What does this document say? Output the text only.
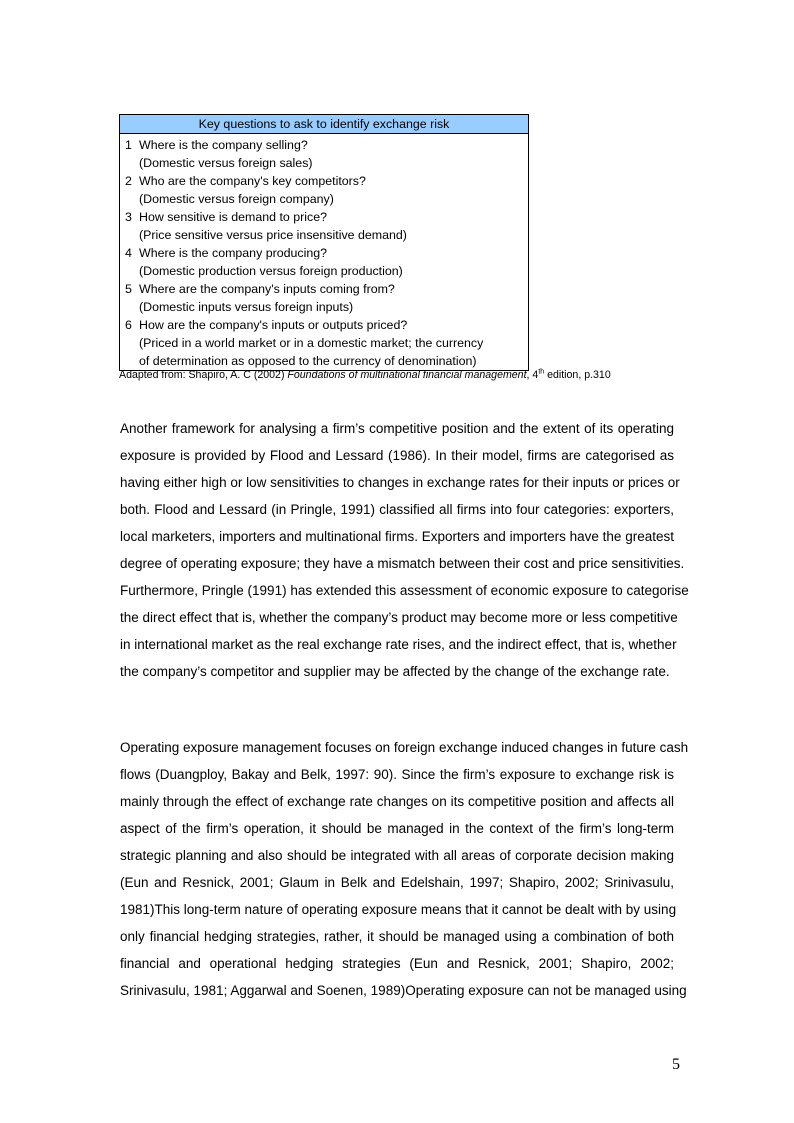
Key questions to ask to identify exchange risk
1 Where is the company selling?
(Domestic versus foreign sales)
2 Who are the company's key competitors?
(Domestic versus foreign company)
3 How sensitive is demand to price?
(Price sensitive versus price insensitive demand)
4 Where is the company producing?
(Domestic production versus foreign production)
5 Where are the company's inputs coming from?
(Domestic inputs versus foreign inputs)
6 How are the company's inputs or outputs priced?
(Priced in a world market or in a domestic market; the currency
of determination as opposed to the currency of denomination)
Adapted from: Shapiro, A. C (2002) Foundations of multinational financial management, 4th edition, p.310
Another framework for analysing a firm’s competitive position and the extent of its operating
exposure is provided by Flood and Lessard (1986). In their model, firms are categorised as
having either high or low sensitivities to changes in exchange rates for their inputs or prices or
both. Flood and Lessard (in Pringle, 1991) classified all firms into four categories: exporters,
local marketers, importers and multinational firms. Exporters and importers have the greatest
degree of operating exposure; they have a mismatch between their cost and price sensitivities.
Furthermore, Pringle (1991) has extended this assessment of economic exposure to categorise
the direct effect that is, whether the company’s product may become more or less competitive
in international market as the real exchange rate rises, and the indirect effect, that is, whether
the company’s competitor and supplier may be affected by the change of the exchange rate.
Operating exposure management focuses on foreign exchange induced changes in future cash
flows (Duangploy, Bakay and Belk, 1997: 90). Since the firm’s exposure to exchange risk is
mainly through the effect of exchange rate changes on its competitive position and affects all
aspect of the firm’s operation, it should be managed in the context of the firm’s long-term
strategic planning and also should be integrated with all areas of corporate decision making
(Eun and Resnick, 2001; Glaum in Belk and Edelshain, 1997; Shapiro, 2002; Srinivasulu,
1981)This long-term nature of operating exposure means that it cannot be dealt with by using
only financial hedging strategies, rather, it should be managed using a combination of both
financial and operational hedging strategies (Eun and Resnick, 2001; Shapiro, 2002;
Srinivasulu, 1981; Aggarwal and Soenen, 1989)Operating exposure can not be managed using
5
